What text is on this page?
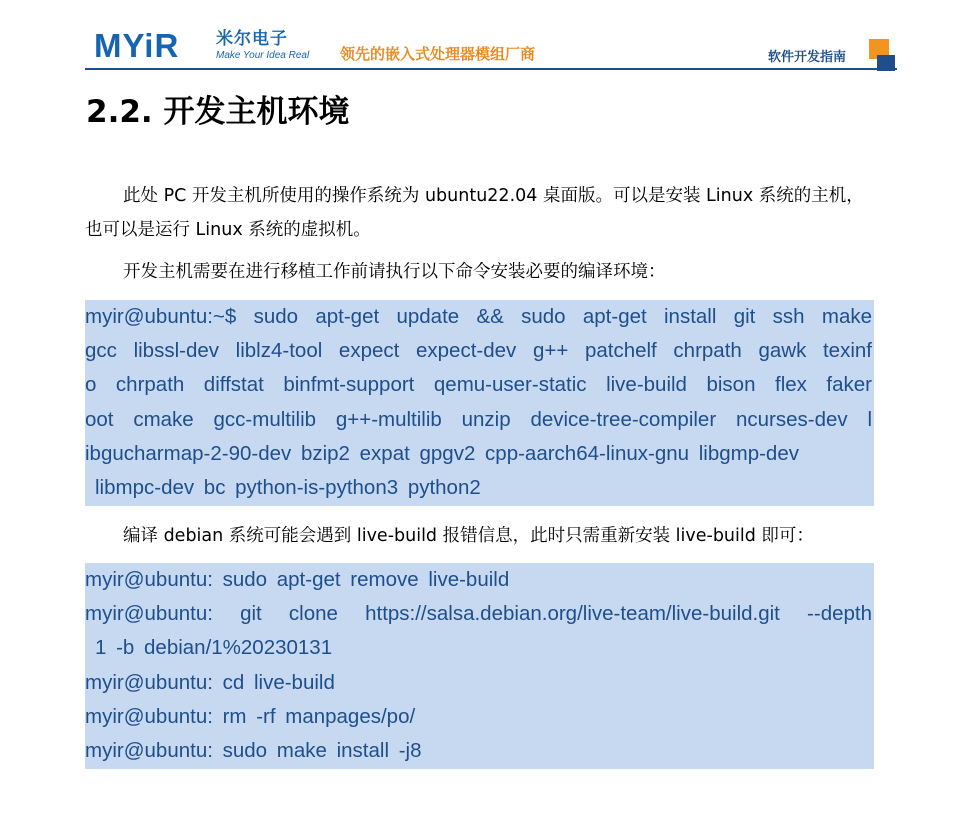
MYiR 米尔电子
Make Your Idea Real 领先的嵌入式处理器模组厂商	软件开发指南
2.2. 开发主机环境
此处 PC 开发主机所使用的操作系统为 ubuntu22.04 桌面版。可以是安装 Linux 系统的主机，也可以是运行 Linux 系统的虚拟机。
开发主机需要在进行移植工作前请执行以下命令安装必要的编译环境：
myir@ubuntu:~$ sudo apt-get update && sudo apt-get install git ssh make
gcc libssl-dev liblz4-tool expect expect-dev g++ patchelf chrpath gawk texinf
o chrpath diffstat binfmt-support qemu-user-static live-build bison flex faker
oot cmake gcc-multilib g++-multilib unzip device-tree-compiler ncurses-dev l
ibgucharmap-2-90-dev bzip2 expat gpgv2 cpp-aarch64-linux-gnu libgmp-dev
libmpc-dev bc python-is-python3 python2
编译 debian 系统可能会遇到 live-build 报错信息，此时只需重新安装 live-build 即可：
myir@ubuntu: sudo apt-get remove live-build
myir@ubuntu: git clone https://salsa.debian.org/live-team/live-build.git --depth
1 -b debian/1%20230131
myir@ubuntu: cd live-build
myir@ubuntu: rm -rf manpages/po/
myir@ubuntu: sudo make install -j8
